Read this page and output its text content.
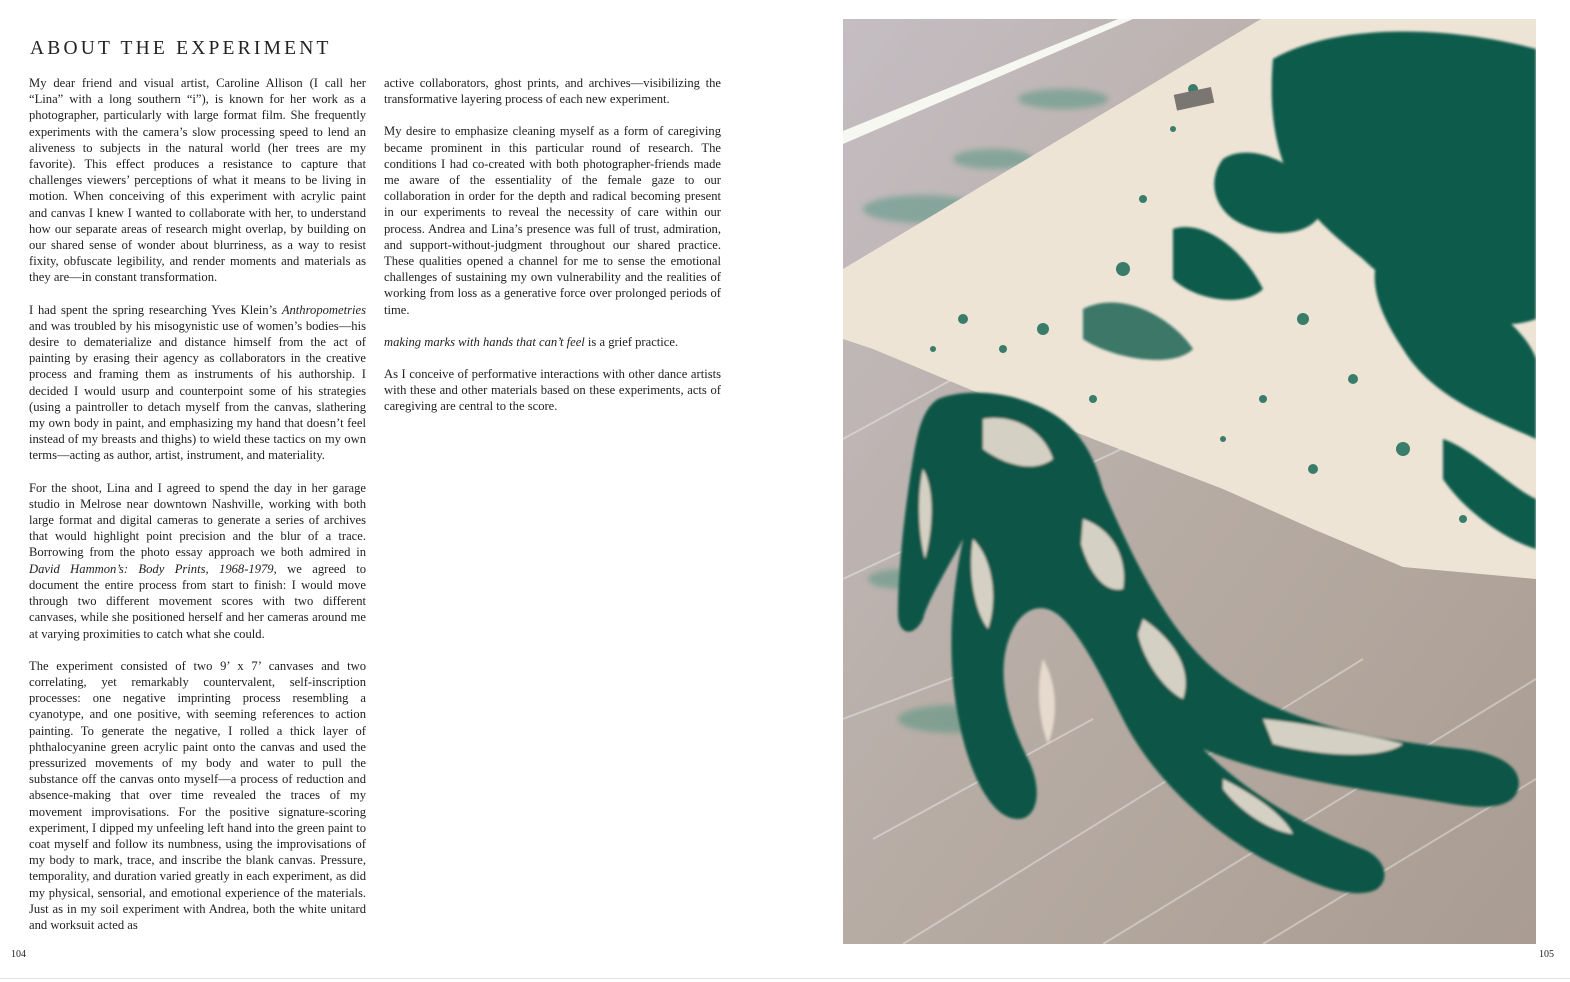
ABOUT THE EXPERIMENT

My dear friend and visual artist, Caroline Allison (I call her “Lina” with a long southern “i”), is known for her work as a photographer, particularly with large format film. She frequently experiments with the camera’s slow processing speed to lend an aliveness to subjects in the natural world (her trees are my favorite). This effect produces a resistance to capture that challenges viewers’ perceptions of what it means to be living in motion. When conceiving of this experiment with acrylic paint and canvas I knew I wanted to collaborate with her, to understand how our separate areas of research might overlap, by building on our shared sense of wonder about blurriness, as a way to resist fixity, obfuscate legibility, and render moments and materials as they are—in constant transformation.

I had spent the spring researching Yves Klein’s Anthropometries and was troubled by his misogynistic use of women’s bodies—his desire to dematerialize and distance himself from the act of painting by erasing their agency as collaborators in the creative process and framing them as instruments of his authorship. I decided I would usurp and counterpoint some of his strategies (using a paintroller to detach myself from the canvas, slathering my own body in paint, and emphasizing my hand that doesn’t feel instead of my breasts and thighs) to wield these tactics on my own terms—acting as author, artist, instrument, and materiality.

For the shoot, Lina and I agreed to spend the day in her garage studio in Melrose near downtown Nashville, working with both large format and digital cameras to generate a series of archives that would highlight point precision and the blur of a trace. Borrowing from the photo essay approach we both admired in David Hammon’s: Body Prints, 1968-1979, we agreed to document the entire process from start to finish: I would move through two different movement scores with two different canvases, while she positioned herself and her cameras around me at varying proximities to catch what she could.

The experiment consisted of two 9’ x 7’ canvases and two correlating, yet remarkably countervalent, self-inscription processes: one negative imprinting process resembling a cyanotype, and one positive, with seeming references to action painting. To generate the negative, I rolled a thick layer of phthalocyanine green acrylic paint onto the canvas and used the pressurized movements of my body and water to pull the substance off the canvas onto myself—a process of reduction and absence-making that over time revealed the traces of my movement improvisations. For the positive signature-scoring experiment, I dipped my unfeeling left hand into the green paint to coat myself and follow its numbness, using the improvisations of my body to mark, trace, and inscribe the blank canvas. Pressure, temporality, and duration varied greatly in each experiment, as did my physical, sensorial, and emotional experience of the materials. Just as in my soil experiment with Andrea, both the white unitard and worksuit acted as

active collaborators, ghost prints, and archives—visibilizing the transformative layering process of each new experiment.

My desire to emphasize cleaning myself as a form of caregiving became prominent in this particular round of research. The conditions I had co-created with both photographer-friends made me aware of the essentiality of the female gaze to our collaboration in order for the depth and radical becoming present in our experiments to reveal the necessity of care within our process. Andrea and Lina’s presence was full of trust, admiration, and support-without-judgment throughout our shared practice. These qualities opened a channel for me to sense the emotional challenges of sustaining my own vulnerability and the realities of working from loss as a generative force over prolonged periods of time.

making marks with hands that can’t feel is a grief practice.

As I conceive of performative interactions with other dance artists with these and other materials based on these experiments, acts of caregiving are central to the score.

104	105
